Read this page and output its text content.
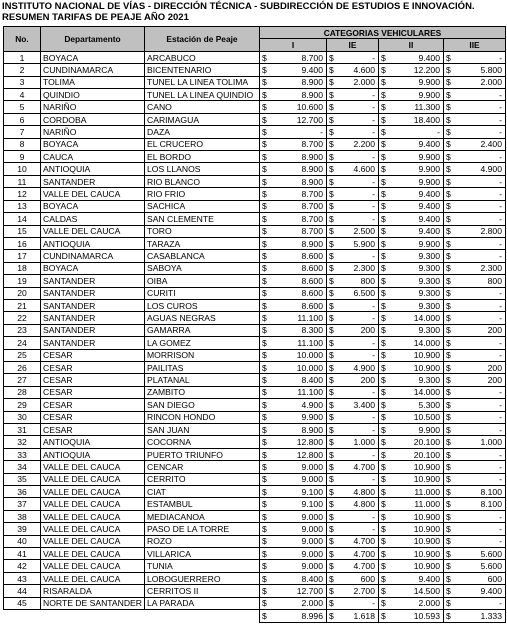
INSTITUTO NACIONAL DE VÍAS - DIRECCIÓN TÉCNICA - SUBDIRECCIÓN DE ESTUDIOS E INNOVACIÓN.
RESUMEN TARIFAS DE PEAJE AÑO 2021
No.	Departamento	Estación de Peaje	CATEGORIAS VEHICULARES							
			I		IE		II		IIE	
1	BOYACA	ARCABUCO	$	8.700	$	-	$	9.400	$	-
2	CUNDINAMARCA	BICENTENARIO	$	9.400	$	4.600	$	12.200	$	5.800
3	TOLIMA	TUNEL LA LINEA TOLIMA	$	8.900	$	2.000	$	9.900	$	2.000
4	QUINDIO	TUNEL LA LINEA QUINDIO	$	8.900	$	-	$	9.900	$	-
5	NARIÑO	CANO	$	10.600	$	-	$	11.300	$	-
6	CORDOBA	CARIMAGUA	$	12.700	$	-	$	18.400	$	-
7	NARIÑO	DAZA	$	-	$	-	$	-	$	-
8	BOYACA	EL CRUCERO	$	8.700	$	2.200	$	9.400	$	2.400
9	CAUCA	EL BORDO	$	8.900	$	-	$	9.900	$	-
10	ANTIOQUIA	LOS LLANOS	$	8.900	$	4.600	$	9.900	$	4.900
11	SANTANDER	RIO BLANCO	$	8.900	$	-	$	9.900	$	-
12	VALLE DEL CAUCA	RIO FRIO	$	8.700	$	-	$	9.400	$	-
13	BOYACA	SACHICA	$	8.700	$	-	$	9.400	$	-
14	CALDAS	SAN CLEMENTE	$	8.700	$	-	$	9.400	$	-
15	VALLE DEL CAUCA	TORO	$	8.700	$	2.500	$	9.400	$	2.800
16	ANTIOQUIA	TARAZA	$	8.900	$	5.900	$	9.900	$	-
17	CUNDINAMARCA	CASABLANCA	$	8.600	$	-	$	9.300	$	-
18	BOYACA	SABOYA	$	8.600	$	2.300	$	9.300	$	2.300
19	SANTANDER	OIBA	$	8.600	$	800	$	9.300	$	800
20	SANTANDER	CURITI	$	8.600	$	6.500	$	9.300	$	-
21	SANTANDER	LOS CUROS	$	8.600	$	-	$	9.300	$	-
22	SANTANDER	AGUAS NEGRAS	$	11.100	$	-	$	14.000	$	-
23	SANTANDER	GAMARRA	$	8.300	$	200	$	9.300	$	200
24	SANTANDER	LA GOMEZ	$	11.100	$	-	$	14.000	$	-
25	CESAR	MORRISON	$	10.000	$	-	$	10.900	$	-
26	CESAR	PAILITAS	$	10.000	$	4.900	$	10.900	$	200
27	CESAR	PLATANAL	$	8.400	$	200	$	9.300	$	200
28	CESAR	ZAMBITO	$	11.100	$	-	$	14.000	$	-
29	CESAR	SAN DIEGO	$	4.900	$	3.400	$	5.300	$	-
30	CESAR	RINCON HONDO	$	9.900	$	-	$	10.500	$	-
31	CESAR	SAN JUAN	$	8.900	$	-	$	9.900	$	-
32	ANTIOQUIA	COCORNA	$	12.800	$	1.000	$	20.100	$	1.000
33	ANTIOQUIA	PUERTO TRIUNFO	$	12.800	$	-	$	20.100	$	-
34	VALLE DEL CAUCA	CENCAR	$	9.000	$	4.700	$	10.900	$	-
35	VALLE DEL CAUCA	CERRITO	$	9.000	$	-	$	10.900	$	-
36	VALLE DEL CAUCA	CIAT	$	9.100	$	4.800	$	11.000	$	8.100
37	VALLE DEL CAUCA	ESTAMBUL	$	9.100	$	4.800	$	11.000	$	8.100
38	VALLE DEL CAUCA	MEDIACANOA	$	9.000	$	-	$	10.900	$	-
39	VALLE DEL CAUCA	PASO DE LA TORRE	$	9.000	$	-	$	10.900	$	-
40	VALLE DEL CAUCA	ROZO	$	9.000	$	4.700	$	10.900	$	-
41	VALLE DEL CAUCA	VILLARICA	$	9.000	$	4.700	$	10.900	$	5.600
42	VALLE DEL CAUCA	TUNIA	$	9.000	$	4.700	$	10.900	$	5.600
43	VALLE DEL CAUCA	LOBOGUERRERO	$	8.400	$	600	$	9.400	$	600
44	RISARALDA	CERRITOS II	$	12.700	$	2.700	$	14.500	$	9.400
45	NORTE DE SANTANDER	LA PARADA	$	2.000	$	-	$	2.000	$	-
			$	8.996	$	1.618	$	10.593	$	1.333
